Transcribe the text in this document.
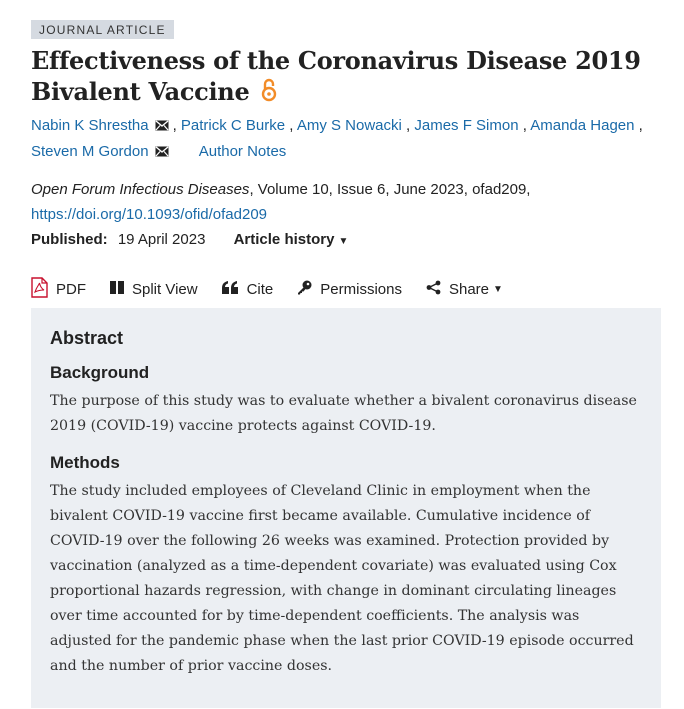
JOURNAL ARTICLE
Effectiveness of the Coronavirus Disease 2019
Bivalent Vaccine
Nabin K Shrestha , Patrick C Burke , Amy S Nowacki , James F Simon , Amanda Hagen ,
Steven M Gordon	Author Notes
Open Forum Infectious Diseases, Volume 10, Issue 6, June 2023, ofad209,
https://doi.org/10.1093/ofid/ofad209
Published: 19 April 2023 Article history ▼
PDF	Split View	Cite	Permissions	Share ▼
Abstract
Background

The purpose of this study was to evaluate whether a bivalent coronavirus disease 2019 (COVID-19) vaccine protects against COVID-19.

Methods

The study included employees of Cleveland Clinic in employment when the bivalent COVID-19 vaccine first became available. Cumulative incidence of COVID-19 over the following 26 weeks was examined. Protection provided by vaccination (analyzed as a time-dependent covariate) was evaluated using Cox proportional hazards regression, with change in dominant circulating lineages over time accounted for by time-dependent coefficients. The analysis was adjusted for the pandemic phase when the last prior COVID-19 episode occurred and the number of prior vaccine doses.
